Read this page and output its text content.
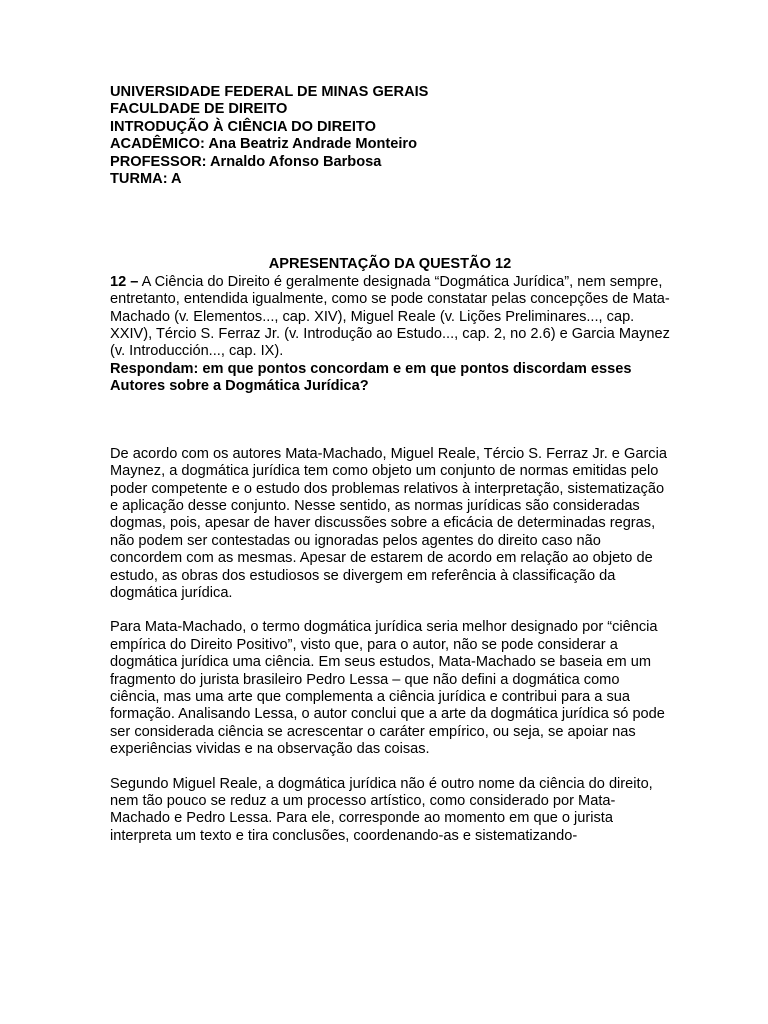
UNIVERSIDADE FEDERAL DE MINAS GERAIS
FACULDADE DE DIREITO
INTRODUÇÃO À CIÊNCIA DO DIREITO
ACADÊMICO: Ana Beatriz Andrade Monteiro
PROFESSOR: Arnaldo Afonso Barbosa
TURMA: A
APRESENTAÇÃO DA QUESTÃO 12

12 – A Ciência do Direito é geralmente designada “Dogmática Jurídica”, nem sempre, entretanto, entendida igualmente, como se pode constatar pelas concepções de Mata-Machado (v. Elementos..., cap. XIV), Miguel Reale (v. Lições Preliminares..., cap. XXIV), Tércio S. Ferraz Jr. (v. Introdução ao Estudo..., cap. 2, no 2.6) e Garcia Maynez (v. Introducción..., cap. IX).

Respondam: em que pontos concordam e em que pontos discordam esses Autores sobre a Dogmática Jurídica?

De acordo com os autores Mata-Machado, Miguel Reale, Tércio S. Ferraz Jr. e Garcia Maynez, a dogmática jurídica tem como objeto um conjunto de normas emitidas pelo poder competente e o estudo dos problemas relativos à interpretação, sistematização e aplicação desse conjunto. Nesse sentido, as normas jurídicas são consideradas dogmas, pois, apesar de haver discussões sobre a eficácia de determinadas regras, não podem ser contestadas ou ignoradas pelos agentes do direito caso não concordem com as mesmas. Apesar de estarem de acordo em relação ao objeto de estudo, as obras dos estudiosos se divergem em referência à classificação da dogmática jurídica.

Para Mata-Machado, o termo dogmática jurídica seria melhor designado por “ciência empírica do Direito Positivo”, visto que, para o autor, não se pode considerar a dogmática jurídica uma ciência. Em seus estudos, Mata-Machado se baseia em um fragmento do jurista brasileiro Pedro Lessa – que não defini a dogmática como ciência, mas uma arte que complementa a ciência jurídica e contribui para a sua formação. Analisando Lessa, o autor conclui que a arte da dogmática jurídica só pode ser considerada ciência se acrescentar o caráter empírico, ou seja, se apoiar nas experiências vividas e na observação das coisas.

Segundo Miguel Reale, a dogmática jurídica não é outro nome da ciência do direito, nem tão pouco se reduz a um processo artístico, como considerado por Mata-Machado e Pedro Lessa. Para ele, corresponde ao momento em que o jurista interpreta um texto e tira conclusões, coordenando-as e sistematizando-
